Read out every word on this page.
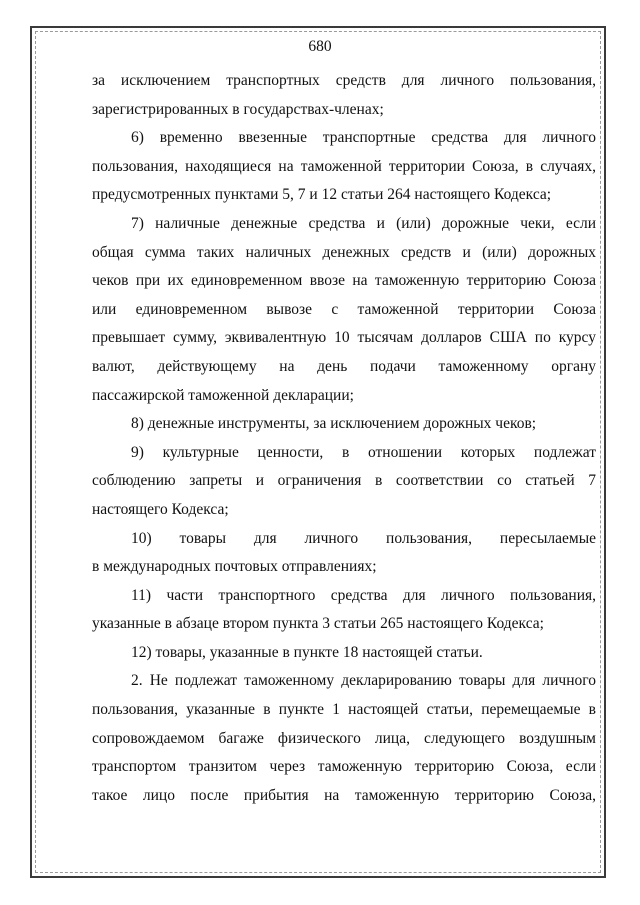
680
за исключением транспортных средств для личного пользования,
зарегистрированных в государствах-членах;
6) временно ввезенные транспортные средства для личного
пользования, находящиеся на таможенной территории Союза, в случаях,
предусмотренных пунктами 5, 7 и 12 статьи 264 настоящего Кодекса;
7) наличные денежные средства и (или) дорожные чеки, если
общая сумма таких наличных денежных средств и (или) дорожных
чеков при их единовременном ввозе на таможенную территорию Союза
или единовременном вывозе с таможенной территории Союза
превышает сумму, эквивалентную 10 тысячам долларов США по курсу
валют, действующему на день подачи таможенному органу
пассажирской таможенной декларации;
8) денежные инструменты, за исключением дорожных чеков;
9) культурные ценности, в отношении которых подлежат
соблюдению запреты и ограничения в соответствии со статьей 7
настоящего Кодекса;
10) товары для личного пользования, пересылаемые
в международных почтовых отправлениях;
11) части транспортного средства для личного пользования,
указанные в абзаце втором пункта 3 статьи 265 настоящего Кодекса;
12) товары, указанные в пункте 18 настоящей статьи.
2. Не подлежат таможенному декларированию товары для личного
пользования, указанные в пункте 1 настоящей статьи, перемещаемые в
сопровождаемом багаже физического лица, следующего воздушным
транспортом транзитом через таможенную территорию Союза, если
такое лицо после прибытия на таможенную территорию Союза,
